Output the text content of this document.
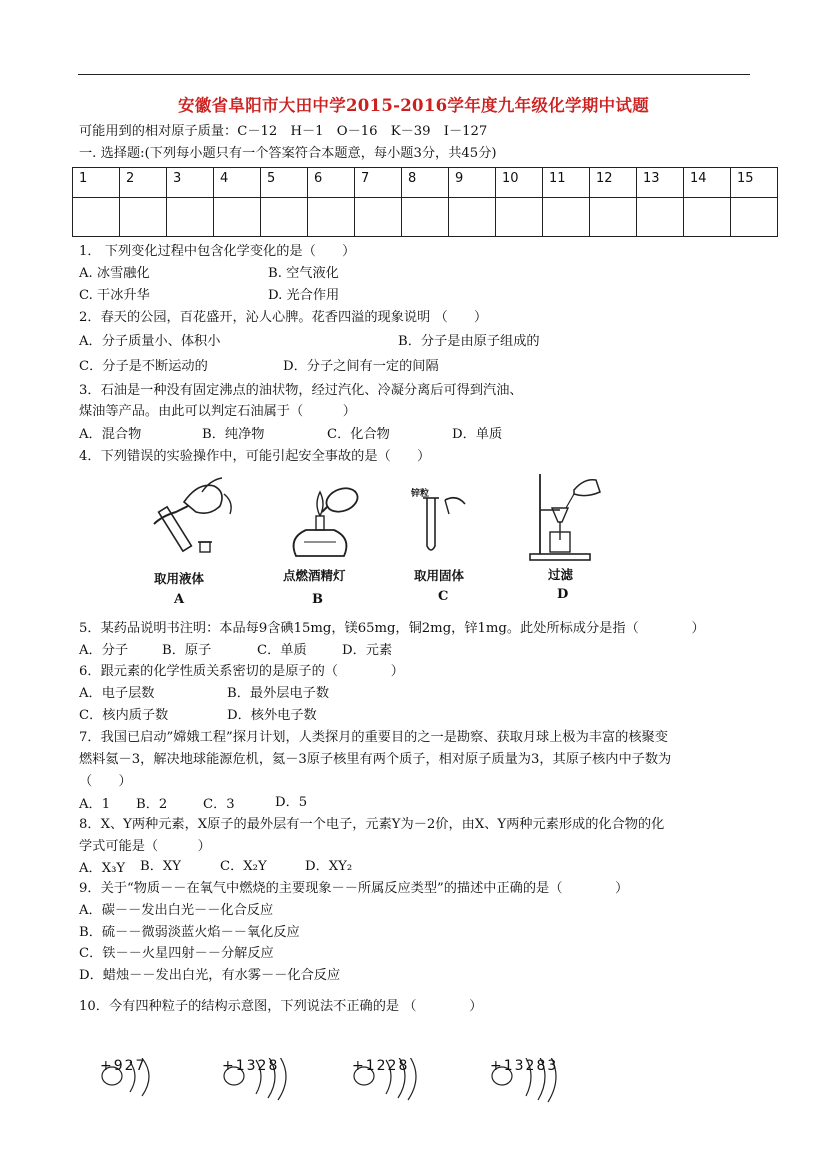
安徽省阜阳市大田中学2015-2016学年度九年级化学期中试题
可能用到的相对原子质量：C－12　H－1　O－16　K－39　I－127
一. 选择题:(下列每小题只有一个答案符合本题意，每小题3分，共45分)
1	2	3	4	5	6	7	8	9	10	11	12	13	14	15

1． 下列变化过程中包含化学变化的是（　　）
A. 冰雪融化	B. 空气液化
C. 干冰升华	D. 光合作用
2．春天的公园，百花盛开，沁人心脾。花香四溢的现象说明 （　　）
A．分子质量小、体积小	B．分子是由原子组成的
C．分子是不断运动的	D．分子之间有一定的间隔
3．石油是一种没有固定沸点的油状物，经过汽化、冷凝分离后可得到汽油、
煤油等产品。由此可以判定石油属于（　　　）
A．混合物	B．纯净物	C．化合物	D．单质
4．下列错误的实验操作中，可能引起安全事故的是（　　）
锌粒
取用液体	点燃酒精灯	取用固体	过滤
A	B	C	D
5．某药品说明书注明：本品每9含碘15mg，镁65mg，铜2mg，锌1mg。此处所标成分是指（　　　　）
A．分子	B．原子	C．单质	D．元素
6．跟元素的化学性质关系密切的是原子的（　　　　）
A．电子层数	B．最外层电子数
C．核内质子数	D．核外电子数
7．我国已启动”嫦娥工程”探月计划，人类探月的重要目的之一是勘察、获取月球上极为丰富的核聚变
燃料氦－3，解决地球能源危机，氦－3原子核里有两个质子，相对原子质量为3，其原子核内中子数为
（　　）
A．1 B．2	C．3	D．5
8．X、Y两种元素，X原子的最外层有一个电子，元素Y为－2价，由X、Y两种元素形成的化合物的化
学式可能是（　　　）
A．X₃Y B．XY	C．X₂Y	D．XY₂
9．关于“物质－－在氧气中燃烧的主要现象－－所属反应类型”的描述中正确的是（　　　　）
A．碳－－发出白光－－化合反应
B．硫－－微弱淡蓝火焰－－氧化反应
C．铁－－火星四射－－分解反应
D．蜡烛－－发出白光，有水雾－－化合反应
10．今有四种粒子的结构示意图，下列说法不正确的是 （　　　　）
+927	+1328	+1228	+13283
